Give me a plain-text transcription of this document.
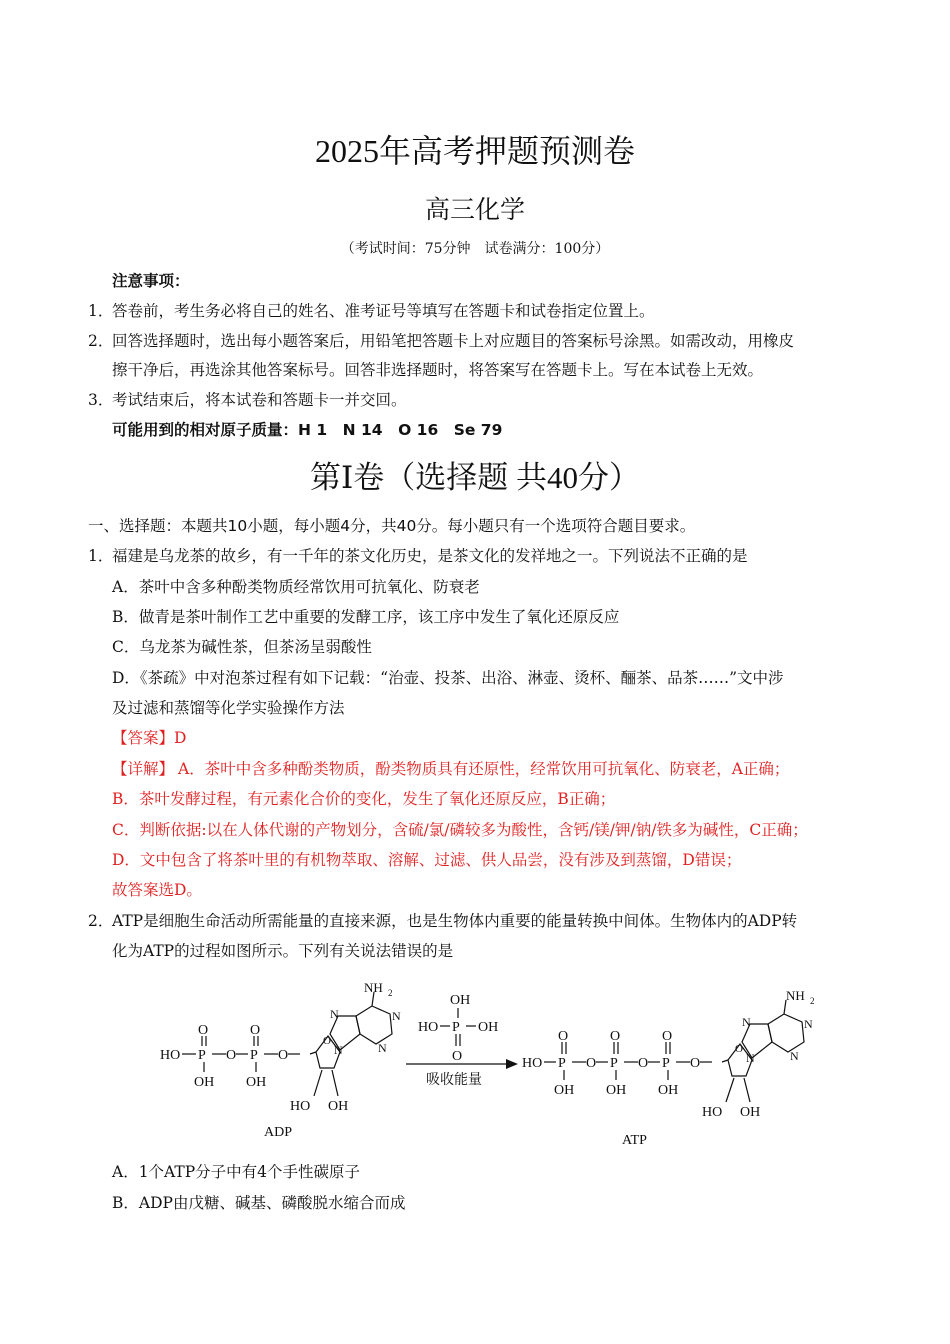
2025年高考押题预测卷
高三化学
（考试时间：75分钟　试卷满分：100分）
注意事项：
1．
答卷前，考生务必将自己的姓名、准考证号等填写在答题卡和试卷指定位置上。
2．
回答选择题时，选出每小题答案后，用铅笔把答题卡上对应题目的答案标号涂黑。如需改动，用橡皮
擦干净后，再选涂其他答案标号。回答非选择题时，将答案写在答题卡上。写在本试卷上无效。
3．
考试结束后，将本试卷和答题卡一并交回。
可能用到的相对原子质量：H 1　N 14　O 16　Se 79
第Ⅰ卷（选择题 共40分）
一、选择题：本题共10小题，每小题4分，共40分。每小题只有一个选项符合题目要求。
1．
福建是乌龙茶的故乡，有一千年的茶文化历史，是茶文化的发祥地之一。下列说法不正确的是
A．茶叶中含多种酚类物质经常饮用可抗氧化、防衰老
B．做青是茶叶制作工艺中重要的发酵工序，该工序中发生了氧化还原反应
C．乌龙茶为碱性茶，但茶汤呈弱酸性
D．《茶疏》中对泡茶过程有如下记载：“治壶、投茶、出浴、淋壶、烫杯、酾茶、品茶……”文中涉
及过滤和蒸馏等化学实验操作方法
【答案】D
【详解】 A．茶叶中含多种酚类物质，酚类物质具有还原性，经常饮用可抗氧化、防衰老，A正确；
B．茶叶发酵过程，有元素化合价的变化，发生了氧化还原反应，B正确；
C．判断依据:以在人体代谢的产物划分，含硫/氯/磷较多为酸性，含钙/镁/钾/钠/铁多为碱性，C正确；
D．文中包含了将茶叶里的有机物萃取、溶解、过滤、供人品尝，没有涉及到蒸馏，D错误；
故答案选D。
2．
ATP是细胞生命活动所需能量的直接来源，也是生物体内重要的能量转换中间体。生物体内的ADP转
化为ATP的过程如图所示。下列有关说法错误的是
HO P
O
OH
O P
O
OH
O
O
HO OH
N
N	N
N
NH 2
ADP
OH
HO P OH
O
吸收能量
HO P
O
OH
O P
O
OH
O P
O
OH
O
O
HO OH
N
N	N
N
NH 2
ATP
A．1个ATP分子中有4个手性碳原子
B．ADP由戊糖、碱基、磷酸脱水缩合而成
